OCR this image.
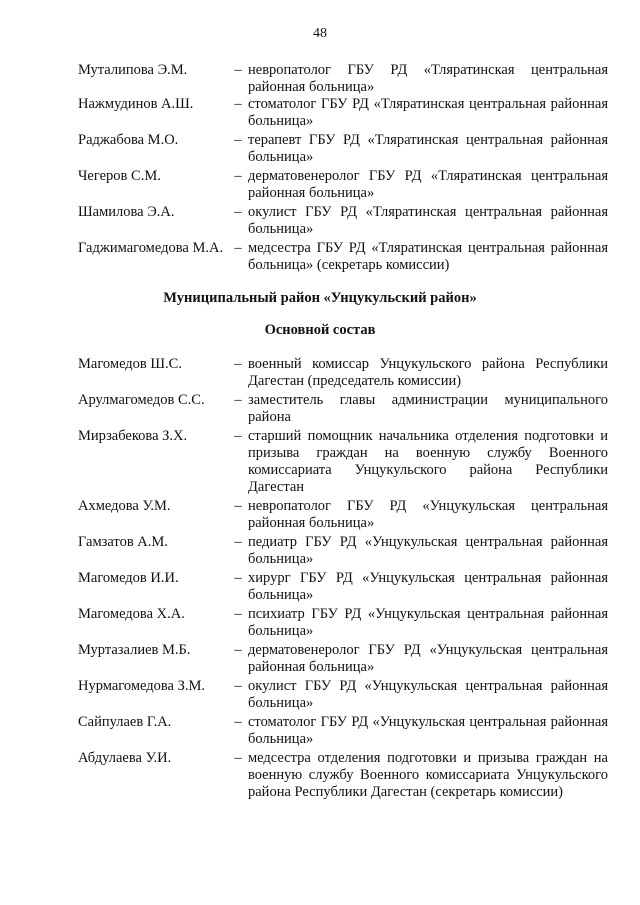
48
Муталипова Э.М.	– невропатолог ГБУ РД «Тляратинская центральная районная больница»
Нажмудинов А.Ш.	– стоматолог ГБУ РД «Тляратинская центральная районная больница»
Раджабова М.О.	– терапевт ГБУ РД «Тляратинская центральная районная больница»
Чегеров С.М.	– дерматовенеролог ГБУ РД «Тляратинская центральная районная больница»
Шамилова Э.А.	– окулист ГБУ РД «Тляратинская центральная районная больница»
Гаджимагомедова М.А. – медсестра ГБУ РД «Тляратинская центральная районная больница» (секретарь комиссии)
Муниципальный район «Унцукульский район»
Основной состав
Магомедов Ш.С.	– военный комиссар Унцукульского района Республики Дагестан (председатель комиссии)
Арулмагомедов С.С.	– заместитель главы администрации муниципального района
Мирзабекова З.Х.	– старший помощник начальника отделения подготовки и призыва граждан на военную службу Военного комиссариата Унцукульского района Республики Дагестан
Ахмедова У.М.	– невропатолог ГБУ РД «Унцукульская центральная районная больница»
Гамзатов А.М.	– педиатр ГБУ РД «Унцукульская центральная районная больница»
Магомедов И.И.	– хирург ГБУ РД «Унцукульская центральная районная больница»
Магомедова Х.А.	– психиатр ГБУ РД «Унцукульская центральная районная больница»
Муртазалиев М.Б.	– дерматовенеролог ГБУ РД «Унцукульская центральная районная больница»
Нурмагомедова З.М.	– окулист ГБУ РД «Унцукульская центральная районная больница»
Сайпулаев Г.А.	– стоматолог ГБУ РД «Унцукульская центральная районная больница»
Абдулаева У.И.	– медсестра отделения подготовки и призыва граждан на военную службу Военного комиссариата Унцукульского района Республики Дагестан (секретарь комиссии)
